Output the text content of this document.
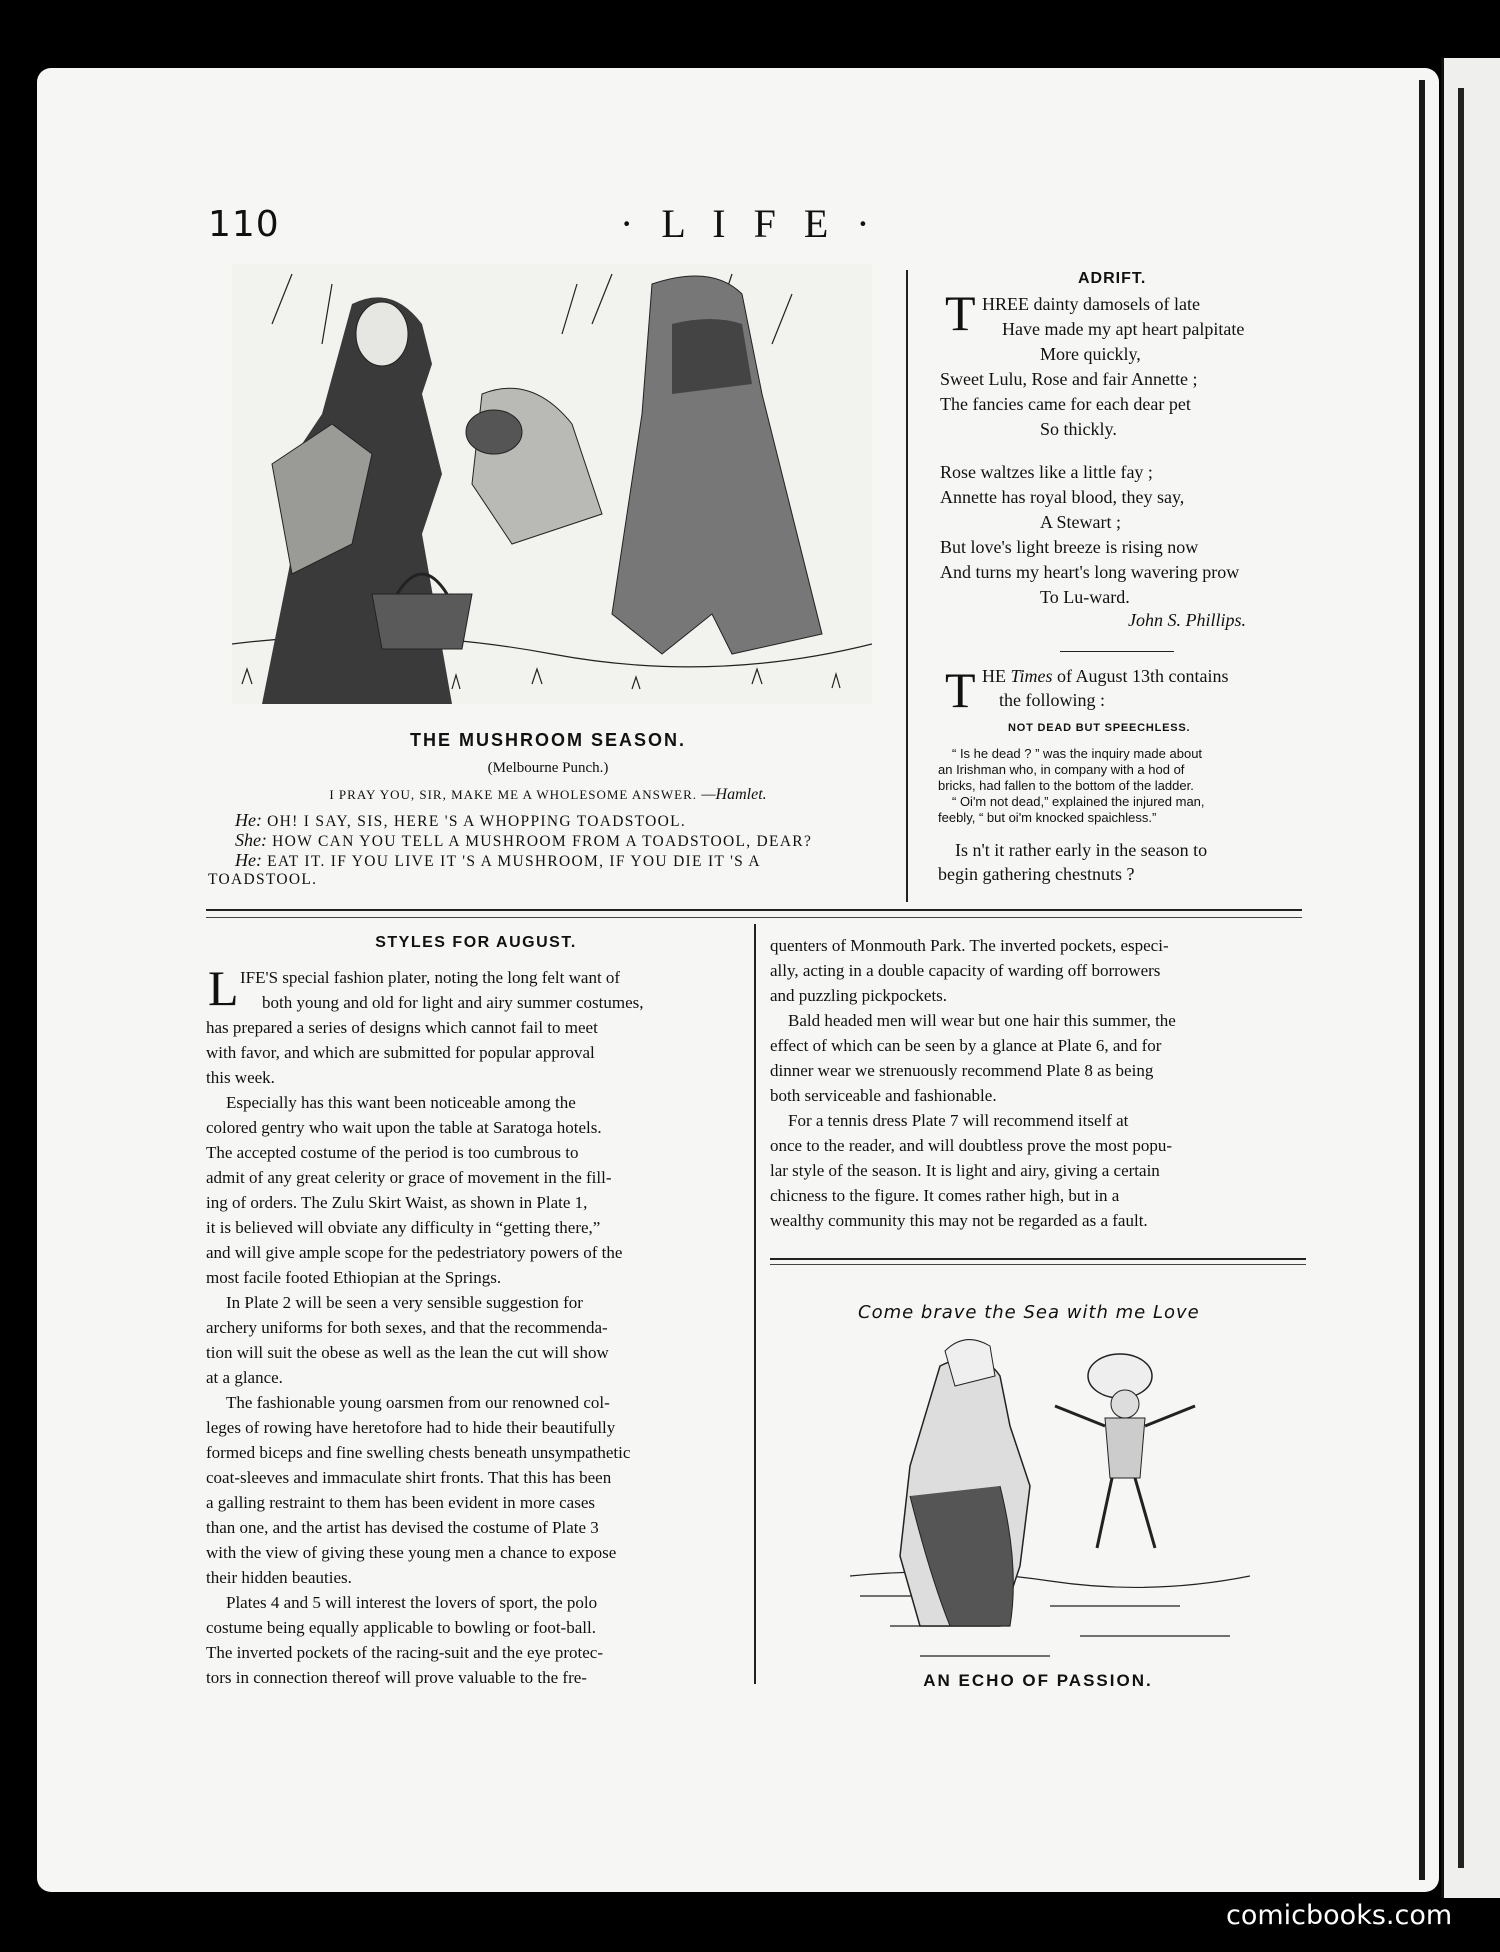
110	· L I F E ·
THE MUSHROOM SEASON.
(Melbourne Punch.)
I PRAY YOU, SIR, MAKE ME A WHOLESOME ANSWER. —Hamlet.
He: OH! I SAY, SIS, HERE 'S A WHOPPING TOADSTOOL.
She: HOW CAN YOU TELL A MUSHROOM FROM A TOADSTOOL, DEAR?
He: EAT IT. IF YOU LIVE IT 'S A MUSHROOM, IF YOU DIE IT 'S A
TOADSTOOL.
ADRIFT.
T HREE dainty damosels of late
Have made my apt heart palpitate
More quickly,
Sweet Lulu, Rose and fair Annette ;
The fancies came for each dear pet
So thickly.
Rose waltzes like a little fay ;
Annette has royal blood, they say,
A Stewart ;
But love's light breeze is rising now
And turns my heart's long wavering prow
To Lu-ward.
John S. Phillips.
T HE Times of August 13th contains
the following :
NOT DEAD BUT SPEECHLESS.
“ Is he dead ? ” was the inquiry made about
an Irishman who, in company with a hod of
bricks, had fallen to the bottom of the ladder.
“ Oi'm not dead,” explained the injured man,
feebly, “ but oi'm knocked spaichless.”
Is n't it rather early in the season to
begin gathering chestnuts ?
STYLES FOR AUGUST.
L IFE'S special fashion plater, noting the long felt want of
both young and old for light and airy summer costumes,
has prepared a series of designs which cannot fail to meet
with favor, and which are submitted for popular approval
this week.
Especially has this want been noticeable among the
colored gentry who wait upon the table at Saratoga hotels.
The accepted costume of the period is too cumbrous to
admit of any great celerity or grace of movement in the fill-
ing of orders. The Zulu Skirt Waist, as shown in Plate 1,
it is believed will obviate any difficulty in “getting there,”
and will give ample scope for the pedestriatory powers of the
most facile footed Ethiopian at the Springs.
In Plate 2 will be seen a very sensible suggestion for
archery uniforms for both sexes, and that the recommenda-
tion will suit the obese as well as the lean the cut will show
at a glance.
The fashionable young oarsmen from our renowned col-
leges of rowing have heretofore had to hide their beautifully
formed biceps and fine swelling chests beneath unsympathetic
coat-sleeves and immaculate shirt fronts. That this has been
a galling restraint to them has been evident in more cases
than one, and the artist has devised the costume of Plate 3
with the view of giving these young men a chance to expose
their hidden beauties.
Plates 4 and 5 will interest the lovers of sport, the polo
costume being equally applicable to bowling or foot-ball.
The inverted pockets of the racing-suit and the eye protec-
tors in connection thereof will prove valuable to the fre-
quenters of Monmouth Park. The inverted pockets, especi-
ally, acting in a double capacity of warding off borrowers
and puzzling pickpockets.
Bald headed men will wear but one hair this summer, the
effect of which can be seen by a glance at Plate 6, and for
dinner wear we strenuously recommend Plate 8 as being
both serviceable and fashionable.
For a tennis dress Plate 7 will recommend itself at
once to the reader, and will doubtless prove the most popu-
lar style of the season. It is light and airy, giving a certain
chicness to the figure. It comes rather high, but in a
wealthy community this may not be regarded as a fault.
Come brave the Sea with me Love
AN ECHO OF PASSION.
comicbooks.com
